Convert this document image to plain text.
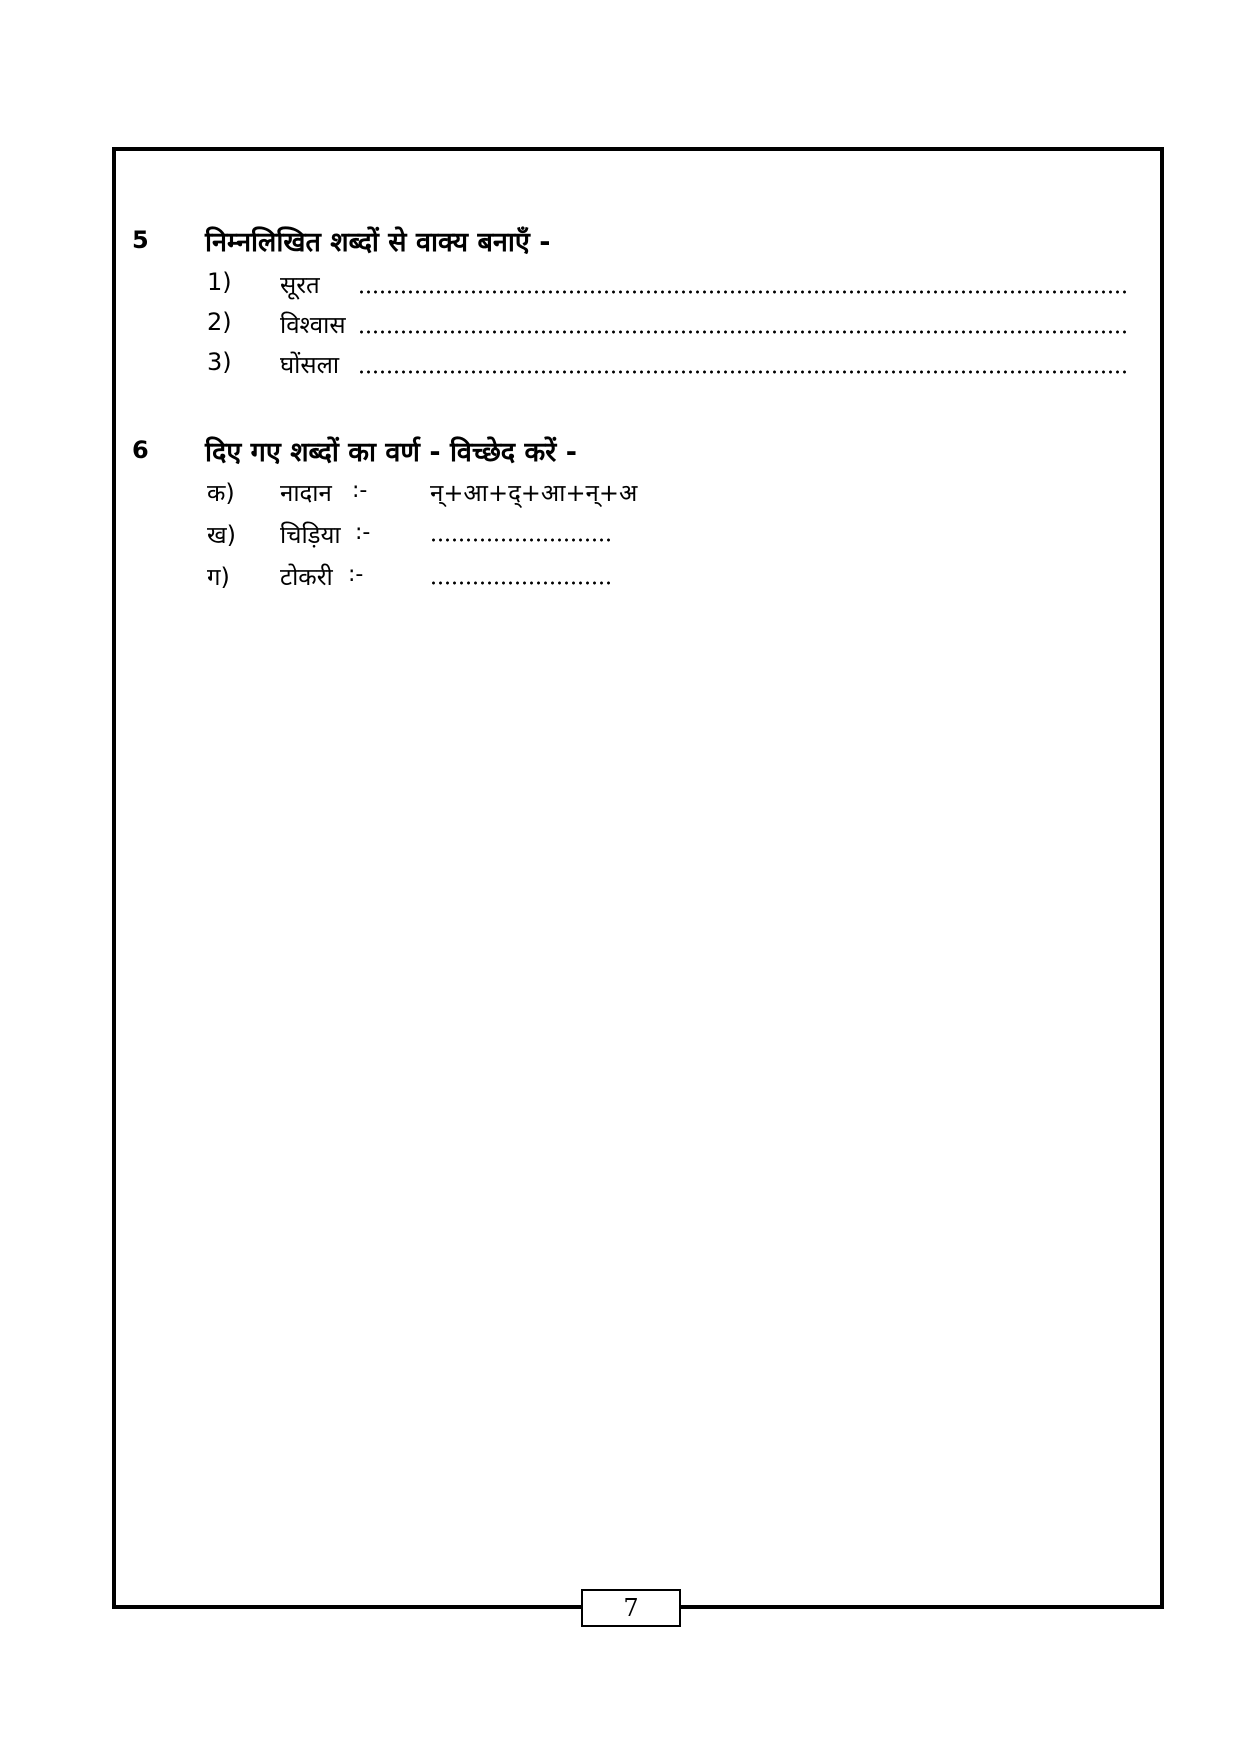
5 निम्नलिखित शब्दों से वाक्य बनाएँ -
1) सूरत
2) विश्वास
3) घोंसला
6 दिए गए शब्दों का वर्ण - विच्छेद करें -
क) नादान :-	न्+आ+द्+आ+न्+अ
ख) चिड़िया :-
ग) टोकरी :-
7
